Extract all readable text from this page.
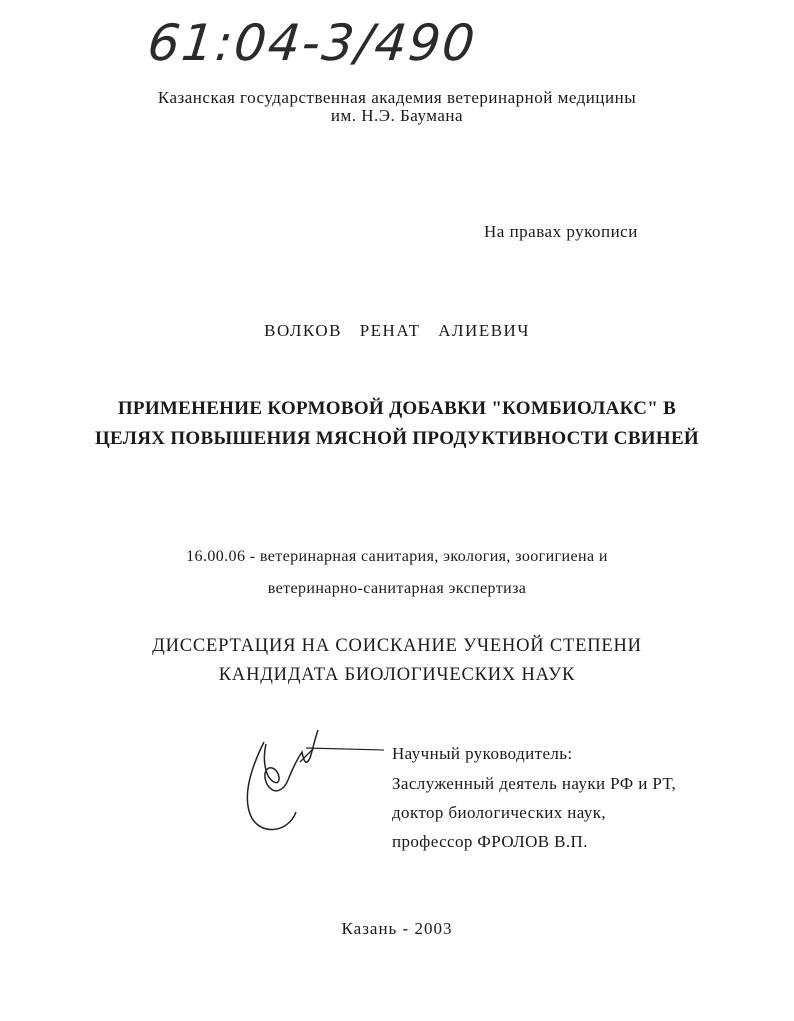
61:04-3/490
Казанская государственная академия ветеринарной медицины
им. Н.Э. Баумана
На правах рукописи
ВОЛКОВ РЕНАТ АЛИЕВИЧ
ПРИМЕНЕНИЕ КОРМОВОЙ ДОБАВКИ "КОМБИОЛАКС" В
ЦЕЛЯХ ПОВЫШЕНИЯ МЯСНОЙ ПРОДУКТИВНОСТИ СВИНЕЙ
16.00.06 - ветеринарная санитария, экология, зоогигиена и
ветеринарно-санитарная экспертиза
ДИССЕРТАЦИЯ НА СОИСКАНИЕ УЧЕНОЙ СТЕПЕНИ
КАНДИДАТА БИОЛОГИЧЕСКИХ НАУК
Научный руководитель:
Заслуженный деятель науки РФ и РТ,
доктор биологических наук,
профессор ФРОЛОВ В.П.
Казань - 2003
